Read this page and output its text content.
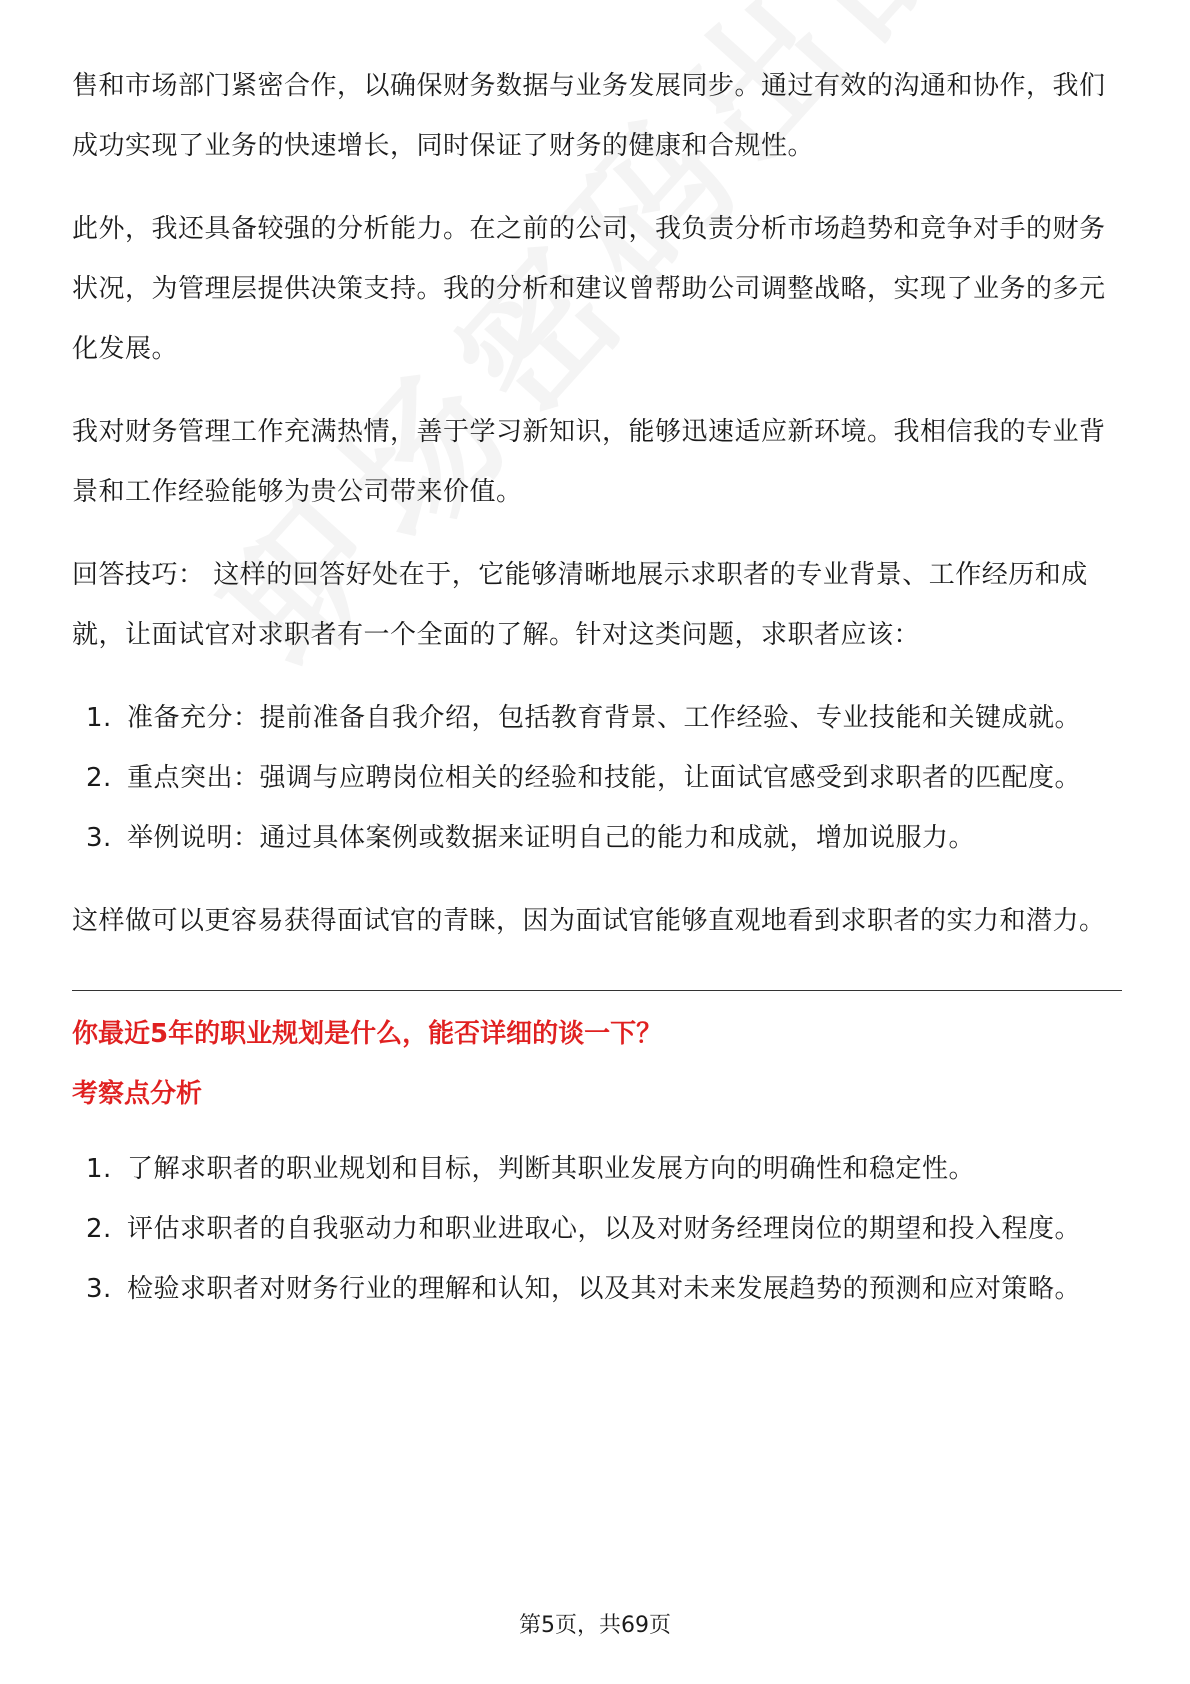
售和市场部门紧密合作，以确保财务数据与业务发展同步。通过有效的沟通和协作，我们成功实现了业务的快速增长，同时保证了财务的健康和合规性。

此外，我还具备较强的分析能力。在之前的公司，我负责分析市场趋势和竞争对手的财务状况，为管理层提供决策支持。我的分析和建议曾帮助公司调整战略，实现了业务的多元化发展。

我对财务管理工作充满热情，善于学习新知识，能够迅速适应新环境。我相信我的专业背景和工作经验能够为贵公司带来价值。

回答技巧： 这样的回答好处在于，它能够清晰地展示求职者的专业背景、工作经历和成就，让面试官对求职者有一个全面的了解。针对这类问题，求职者应该：

1. 准备充分：提前准备自我介绍，包括教育背景、工作经验、专业技能和关键成就。
2. 重点突出：强调与应聘岗位相关的经验和技能，让面试官感受到求职者的匹配度。
3. 举例说明：通过具体案例或数据来证明自己的能力和成就，增加说服力。

这样做可以更容易获得面试官的青睐，因为面试官能够直观地看到求职者的实力和潜力。

你最近5年的职业规划是什么，能否详细的谈一下？

考察点分析

1. 了解求职者的职业规划和目标，判断其职业发展方向的明确性和稳定性。
2. 评估求职者的自我驱动力和职业进取心，以及对财务经理岗位的期望和投入程度。
3. 检验求职者对财务行业的理解和认知，以及其对未来发展趋势的预测和应对策略。
第5页，共69页
